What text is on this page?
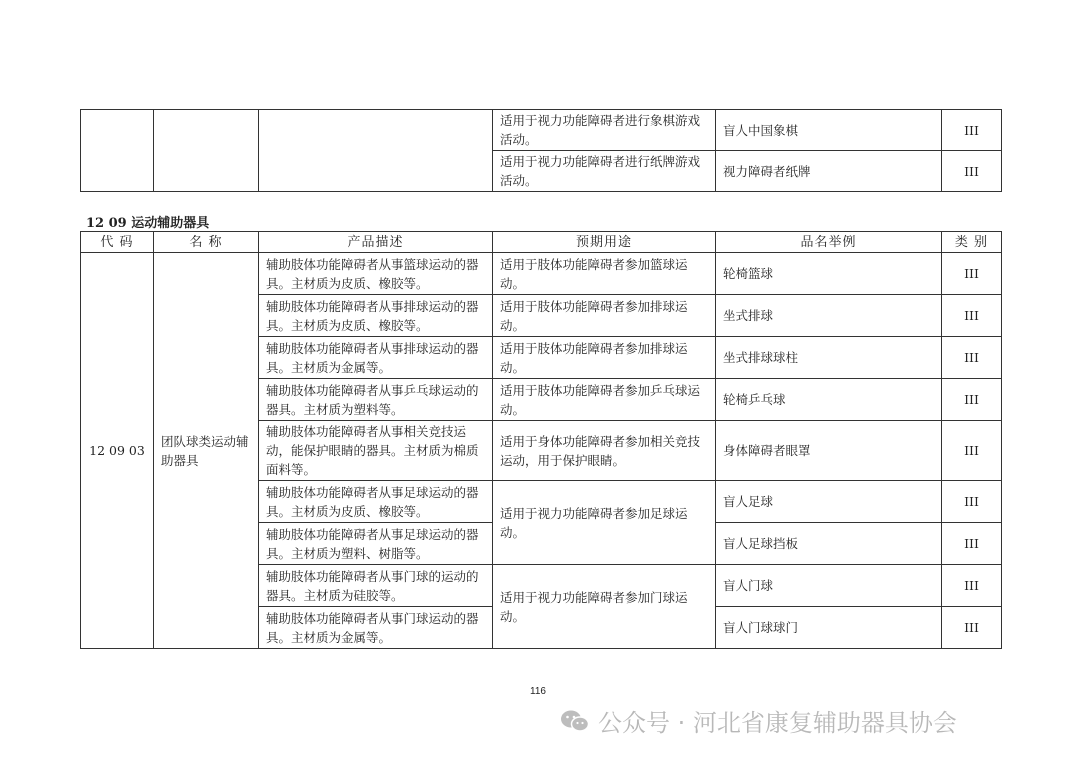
			适用于视力功能障碍者进行象棋游戏活动。	盲人中国象棋	III
			适用于视力功能障碍者进行纸牌游戏活动。	视力障碍者纸牌	III
12 09 运动辅助器具
代 码	名 称	产品描述	预期用途	品名举例	类 别
12 09 03	团队球类运动辅助器具	辅助肢体功能障碍者从事篮球运动的器具。主材质为皮质、橡胶等。	适用于肢体功能障碍者参加篮球运动。	轮椅篮球	III
		辅助肢体功能障碍者从事排球运动的器具。主材质为皮质、橡胶等。	适用于肢体功能障碍者参加排球运动。	坐式排球	III
		辅助肢体功能障碍者从事排球运动的器具。主材质为金属等。	适用于肢体功能障碍者参加排球运动。	坐式排球球柱	III
		辅助肢体功能障碍者从事乒乓球运动的器具。主材质为塑料等。	适用于肢体功能障碍者参加乒乓球运动。	轮椅乒乓球	III
		辅助肢体功能障碍者从事相关竞技运动，能保护眼睛的器具。主材质为棉质面料等。	适用于身体功能障碍者参加相关竞技运动，用于保护眼睛。	身体障碍者眼罩	III
		辅助肢体功能障碍者从事足球运动的器具。主材质为皮质、橡胶等。	适用于视力功能障碍者参加足球运动。	盲人足球	III
		辅助肢体功能障碍者从事足球运动的器具。主材质为塑料、树脂等。		盲人足球挡板	III
		辅助肢体功能障碍者从事门球的运动的器具。主材质为硅胶等。	适用于视力功能障碍者参加门球运动。	盲人门球	III
		辅助肢体功能障碍者从事门球运动的器具。主材质为金属等。		盲人门球球门	III
116
公众号 · 河北省康复辅助器具协会
